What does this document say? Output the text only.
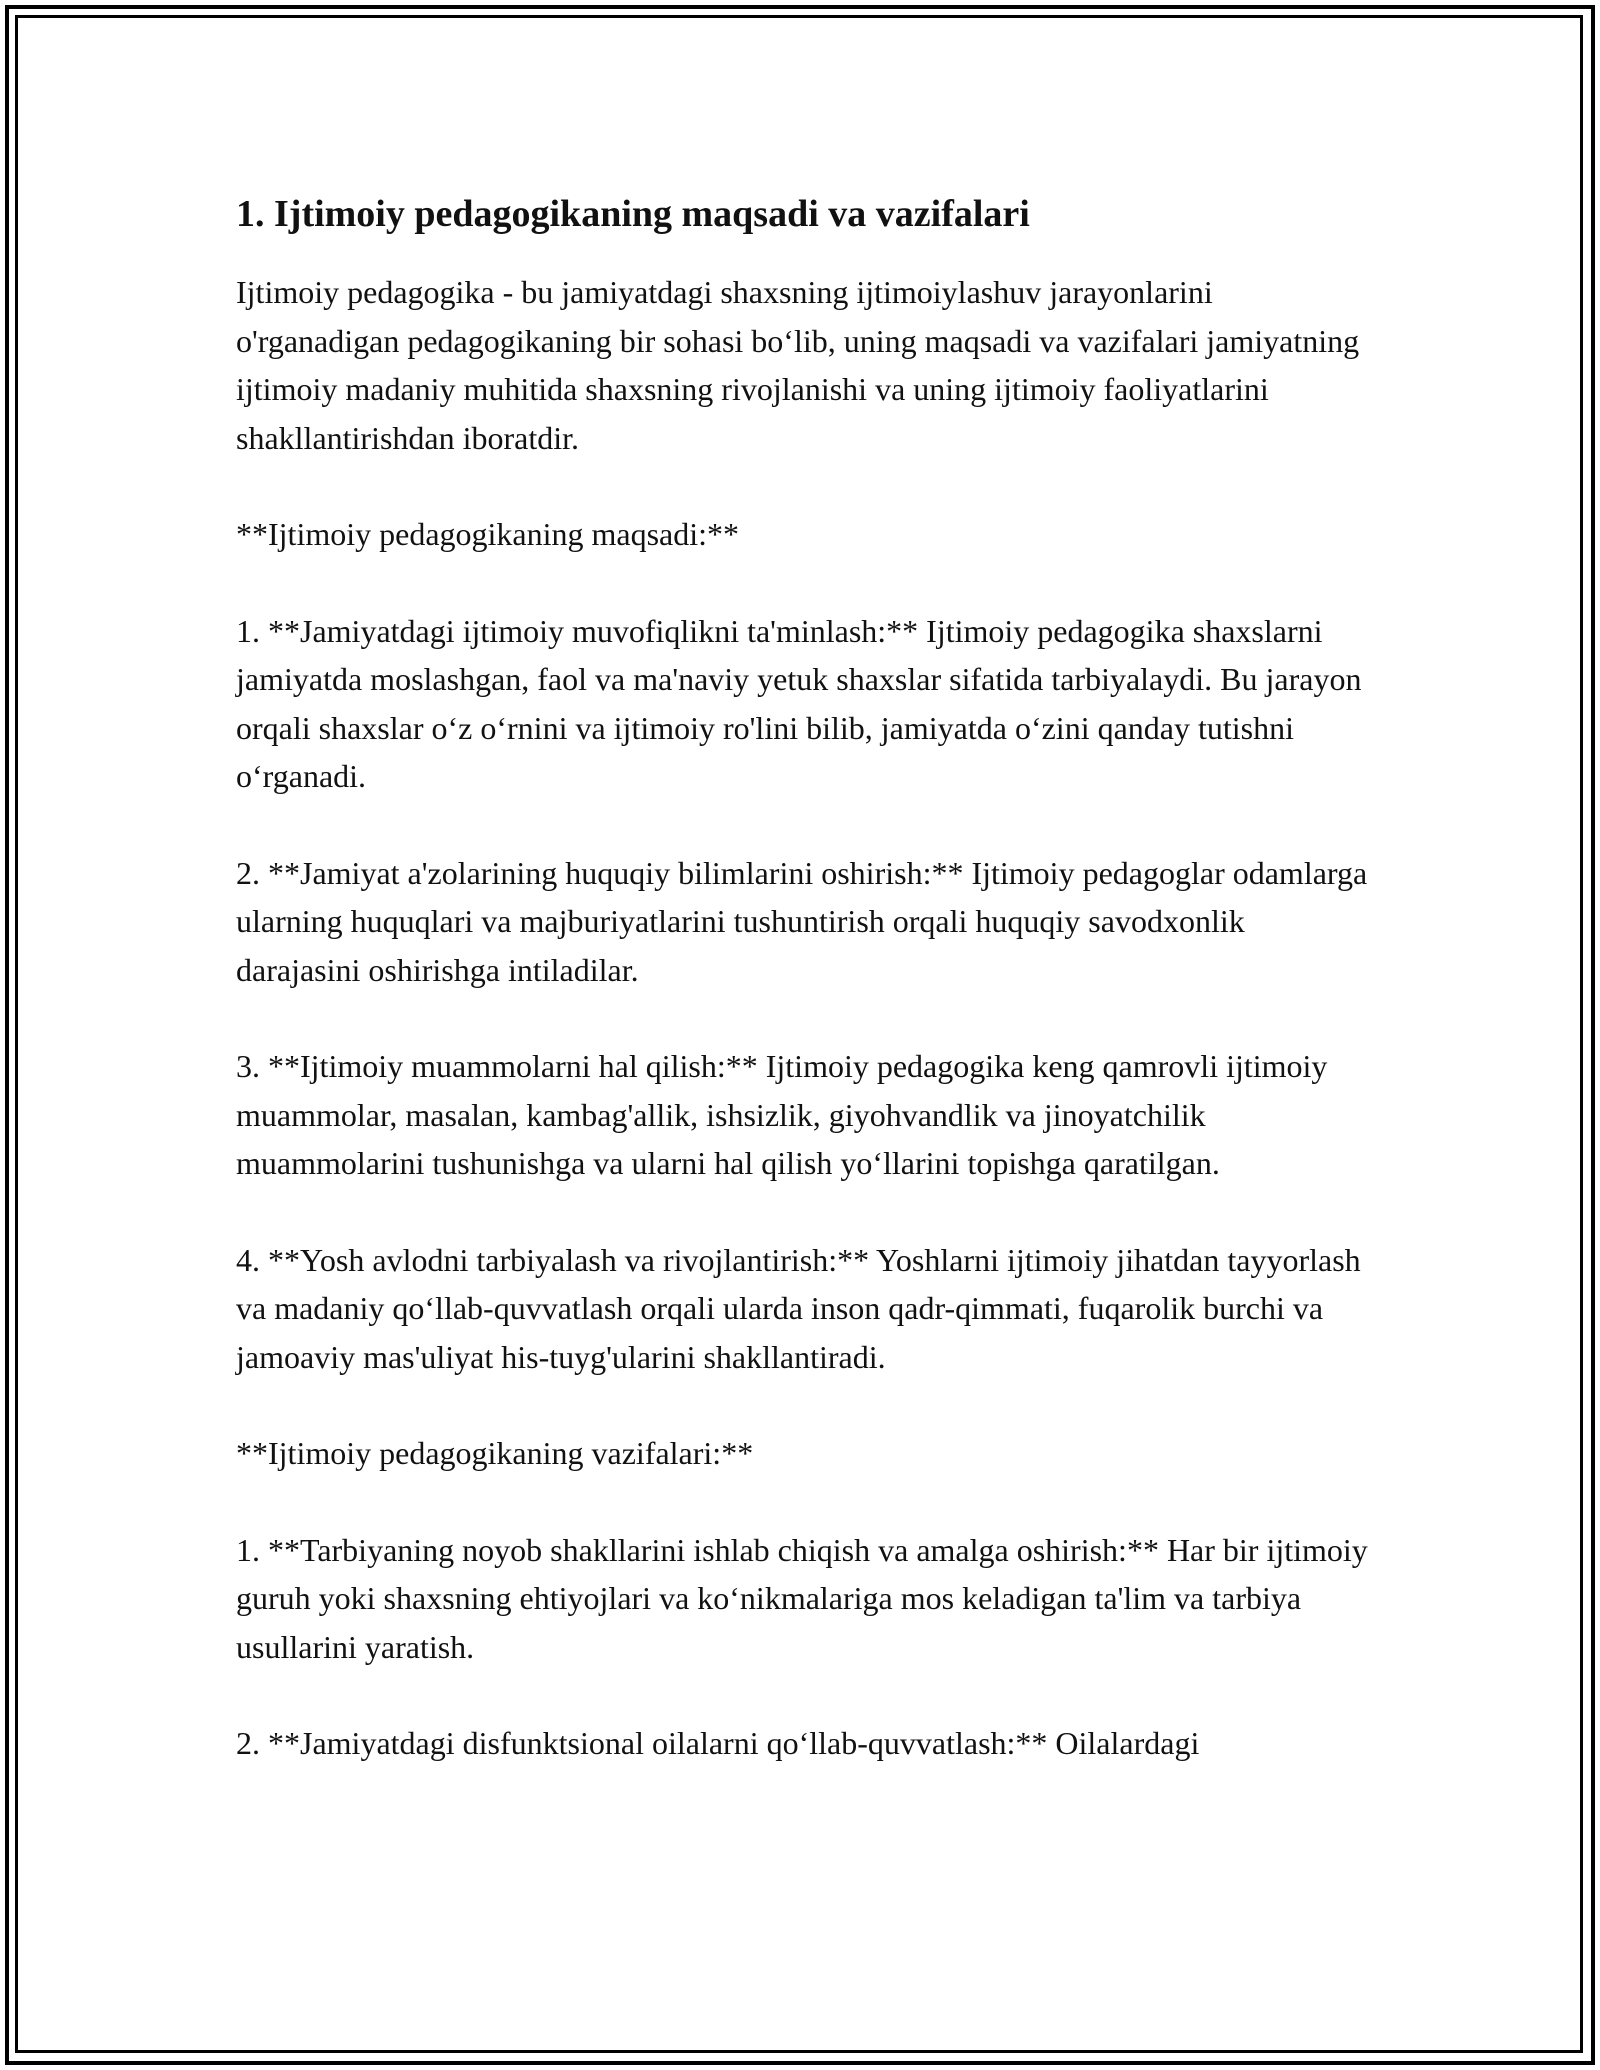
1. Ijtimoiy pedagogikaning maqsadi va vazifalari

Ijtimoiy pedagogika - bu jamiyatdagi shaxsning ijtimoiylashuv jarayonlarini o'rganadigan pedagogikaning bir sohasi bo‘lib, uning maqsadi va vazifalari jamiyatning ijtimoiy madaniy muhitida shaxsning rivojlanishi va uning ijtimoiy faoliyatlarini shakllantirishdan iboratdir.

**Ijtimoiy pedagogikaning maqsadi:**

1. **Jamiyatdagi ijtimoiy muvofiqlikni ta'minlash:** Ijtimoiy pedagogika shaxslarni jamiyatda moslashgan, faol va ma'naviy yetuk shaxslar sifatida tarbiyalaydi. Bu jarayon orqali shaxslar o‘z o‘rnini va ijtimoiy ro'lini bilib, jamiyatda o‘zini qanday tutishni o‘rganadi.

2. **Jamiyat a'zolarining huquqiy bilimlarini oshirish:** Ijtimoiy pedagoglar odamlarga ularning huquqlari va majburiyatlarini tushuntirish orqali huquqiy savodxonlik darajasini oshirishga intiladilar.

3. **Ijtimoiy muammolarni hal qilish:** Ijtimoiy pedagogika keng qamrovli ijtimoiy muammolar, masalan, kambag'allik, ishsizlik, giyohvandlik va jinoyatchilik muammolarini tushunishga va ularni hal qilish yo‘llarini topishga qaratilgan.

4. **Yosh avlodni tarbiyalash va rivojlantirish:** Yoshlarni ijtimoiy jihatdan tayyorlash va madaniy qo‘llab-quvvatlash orqali ularda inson qadr-qimmati, fuqarolik burchi va jamoaviy mas'uliyat his-tuyg'ularini shakllantiradi.

**Ijtimoiy pedagogikaning vazifalari:**

1. **Tarbiyaning noyob shakllarini ishlab chiqish va amalga oshirish:** Har bir ijtimoiy guruh yoki shaxsning ehtiyojlari va ko‘nikmalariga mos keladigan ta'lim va tarbiya usullarini yaratish.

2. **Jamiyatdagi disfunktsional oilalarni qo‘llab-quvvatlash:** Oilalardagi
